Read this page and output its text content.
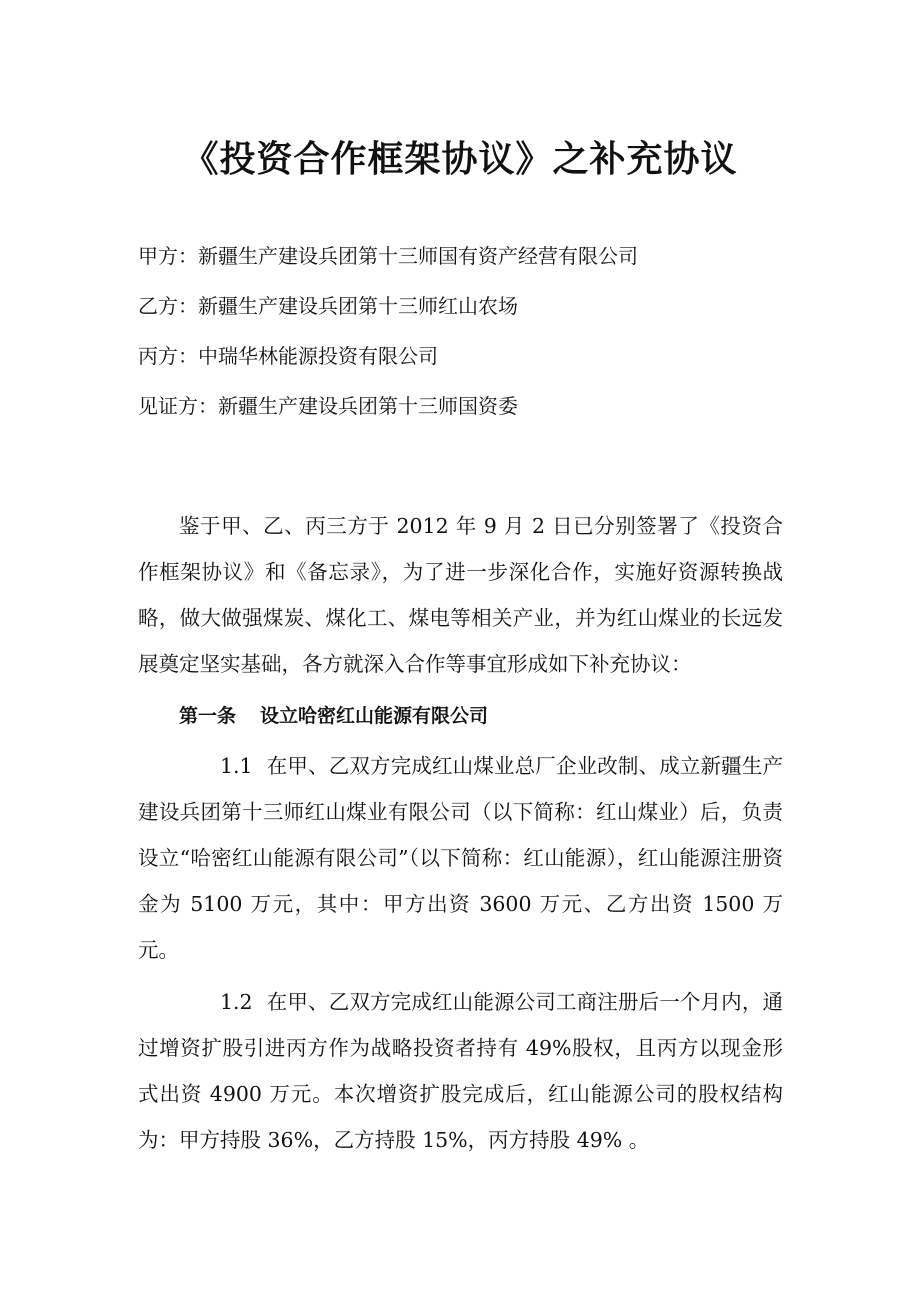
《投资合作框架协议》之补充协议
甲方：新疆生产建设兵团第十三师国有资产经营有限公司
乙方：新疆生产建设兵团第十三师红山农场
丙方：中瑞华林能源投资有限公司
见证方：新疆生产建设兵团第十三师国资委

鉴于甲、乙、丙三方于 2012 年 9 月 2 日已分别签署了《投资合作框架协议》和《备忘录》，为了进一步深化合作，实施好资源转换战略，做大做强煤炭、煤化工、煤电等相关产业，并为红山煤业的长远发展奠定坚实基础，各方就深入合作等事宜形成如下补充协议：

第一条 设立哈密红山能源有限公司

1.1 在甲、乙双方完成红山煤业总厂企业改制、成立新疆生产建设兵团第十三师红山煤业有限公司（以下简称：红山煤业）后，负责设立“哈密红山能源有限公司”（以下简称：红山能源），红山能源注册资金为 5100 万元，其中：甲方出资 3600 万元、乙方出资 1500 万元。

1.2 在甲、乙双方完成红山能源公司工商注册后一个月内，通过增资扩股引进丙方作为战略投资者持有 49%股权，且丙方以现金形式出资 4900 万元。本次增资扩股完成后，红山能源公司的股权结构为：甲方持股 36%，乙方持股 15%，丙方持股 49% 。
